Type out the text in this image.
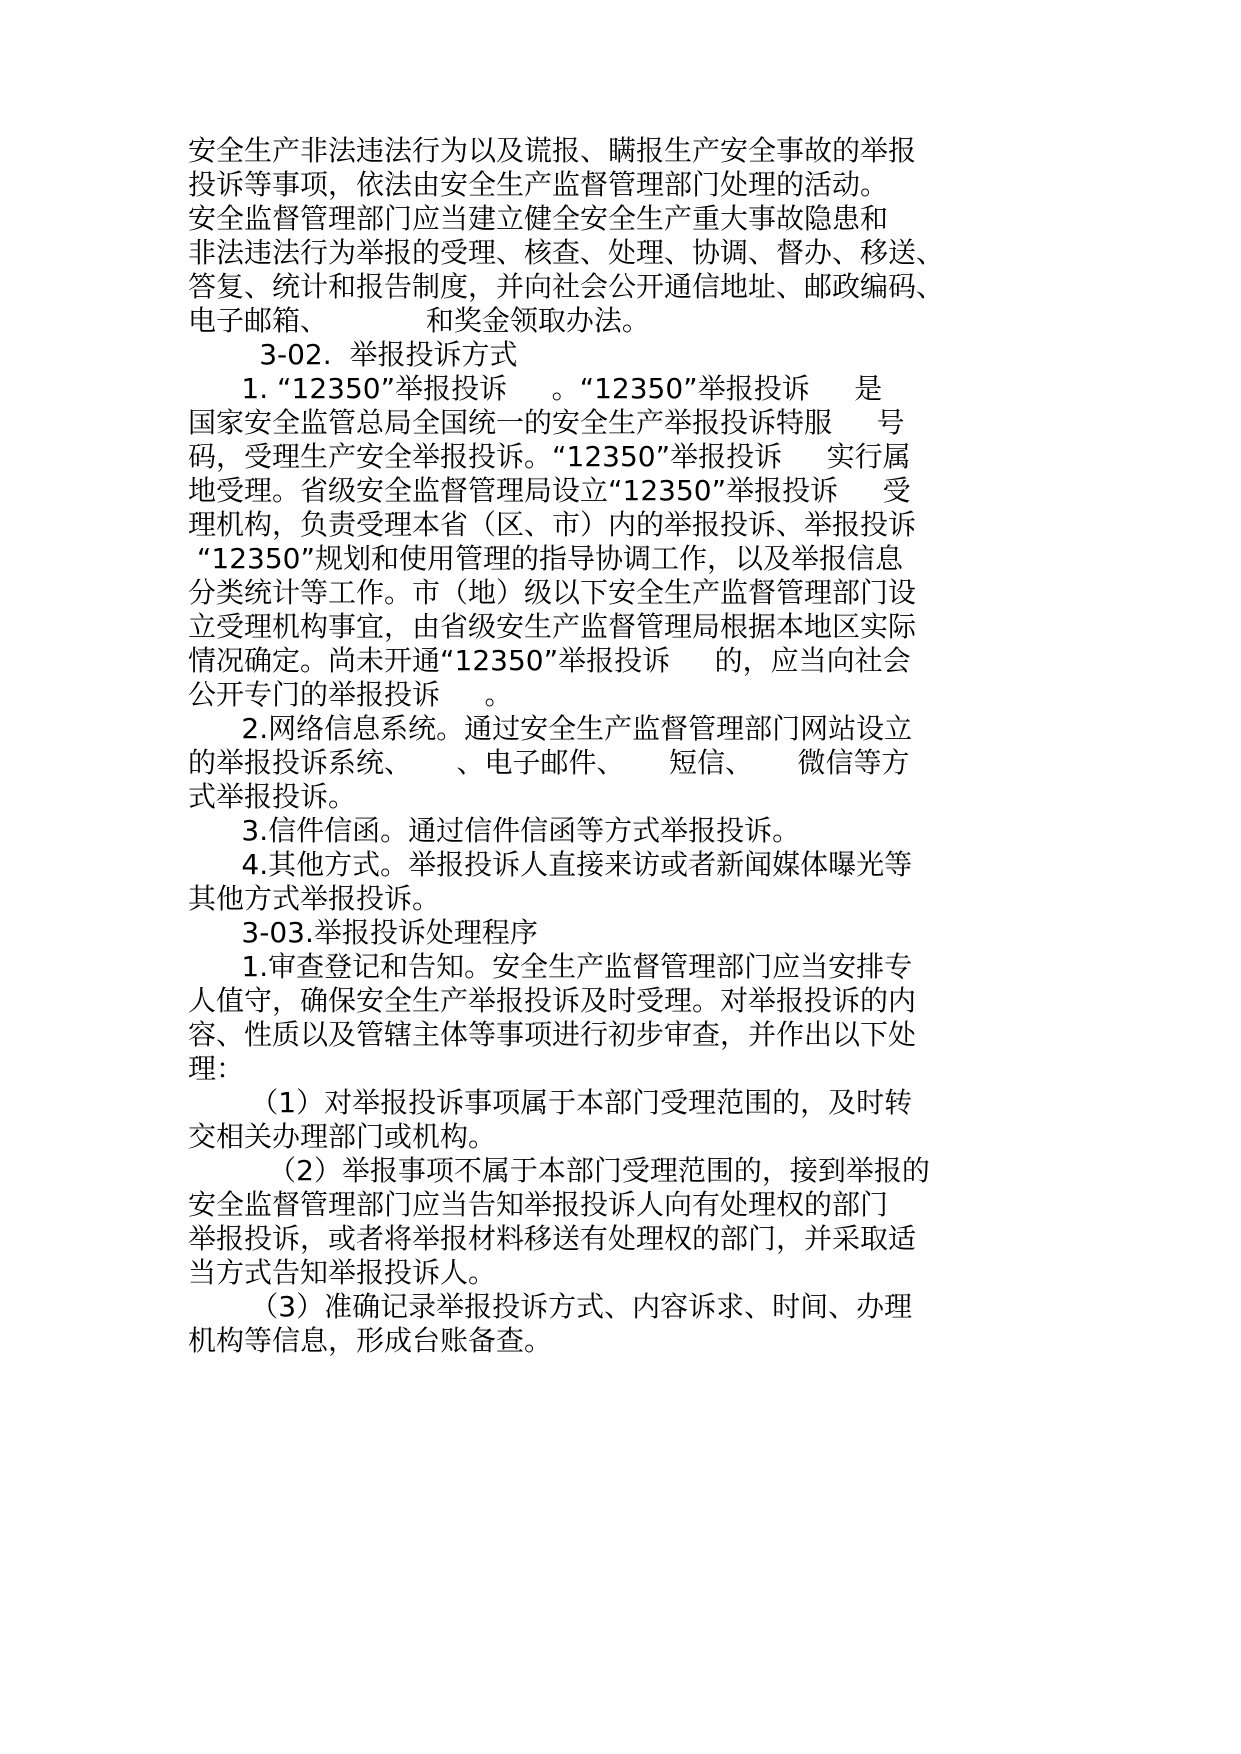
安全生产非法违法行为以及谎报、瞒报生产安全事故的举报
投诉等事项，依法由安全生产监督管理部门处理的活动。
安全监督管理部门应当建立健全安全生产重大事故隐患和
非法违法行为举报的受理、核查、处理、协调、督办、移送、
答复、统计和报告制度，并向社会公开通信地址、邮政编码、
电子邮箱、           和奖金领取办法。
3-02.  举报投诉方式
1. “12350”举报投诉     。“12350”举报投诉     是
国家安全监管总局全国统一的安全生产举报投诉特服     号
码，受理生产安全举报投诉。“12350”举报投诉     实行属
地受理。省级安全监督管理局设立“12350”举报投诉     受
理机构，负责受理本省（区、市）内的举报投诉、举报投诉
“12350”规划和使用管理的指导协调工作，以及举报信息
分类统计等工作。市（地）级以下安全生产监督管理部门设
立受理机构事宜，由省级安生产监督管理局根据本地区实际
情况确定。尚未开通“12350”举报投诉     的，应当向社会
公开专门的举报投诉     。
2.网络信息系统。通过安全生产监督管理部门网站设立
的举报投诉系统、     、电子邮件、     短信、     微信等方
式举报投诉。
3.信件信函。通过信件信函等方式举报投诉。
4.其他方式。举报投诉人直接来访或者新闻媒体曝光等
其他方式举报投诉。
3-03.举报投诉处理程序
1.审查登记和告知。安全生产监督管理部门应当安排专
人值守，确保安全生产举报投诉及时受理。对举报投诉的内
容、性质以及管辖主体等事项进行初步审查，并作出以下处
理：
（1）对举报投诉事项属于本部门受理范围的，及时转
交相关办理部门或机构。
（2）举报事项不属于本部门受理范围的，接到举报的
安全监督管理部门应当告知举报投诉人向有处理权的部门
举报投诉，或者将举报材料移送有处理权的部门，并采取适
当方式告知举报投诉人。
（3）准确记录举报投诉方式、内容诉求、时间、办理
机构等信息，形成台账备查。
